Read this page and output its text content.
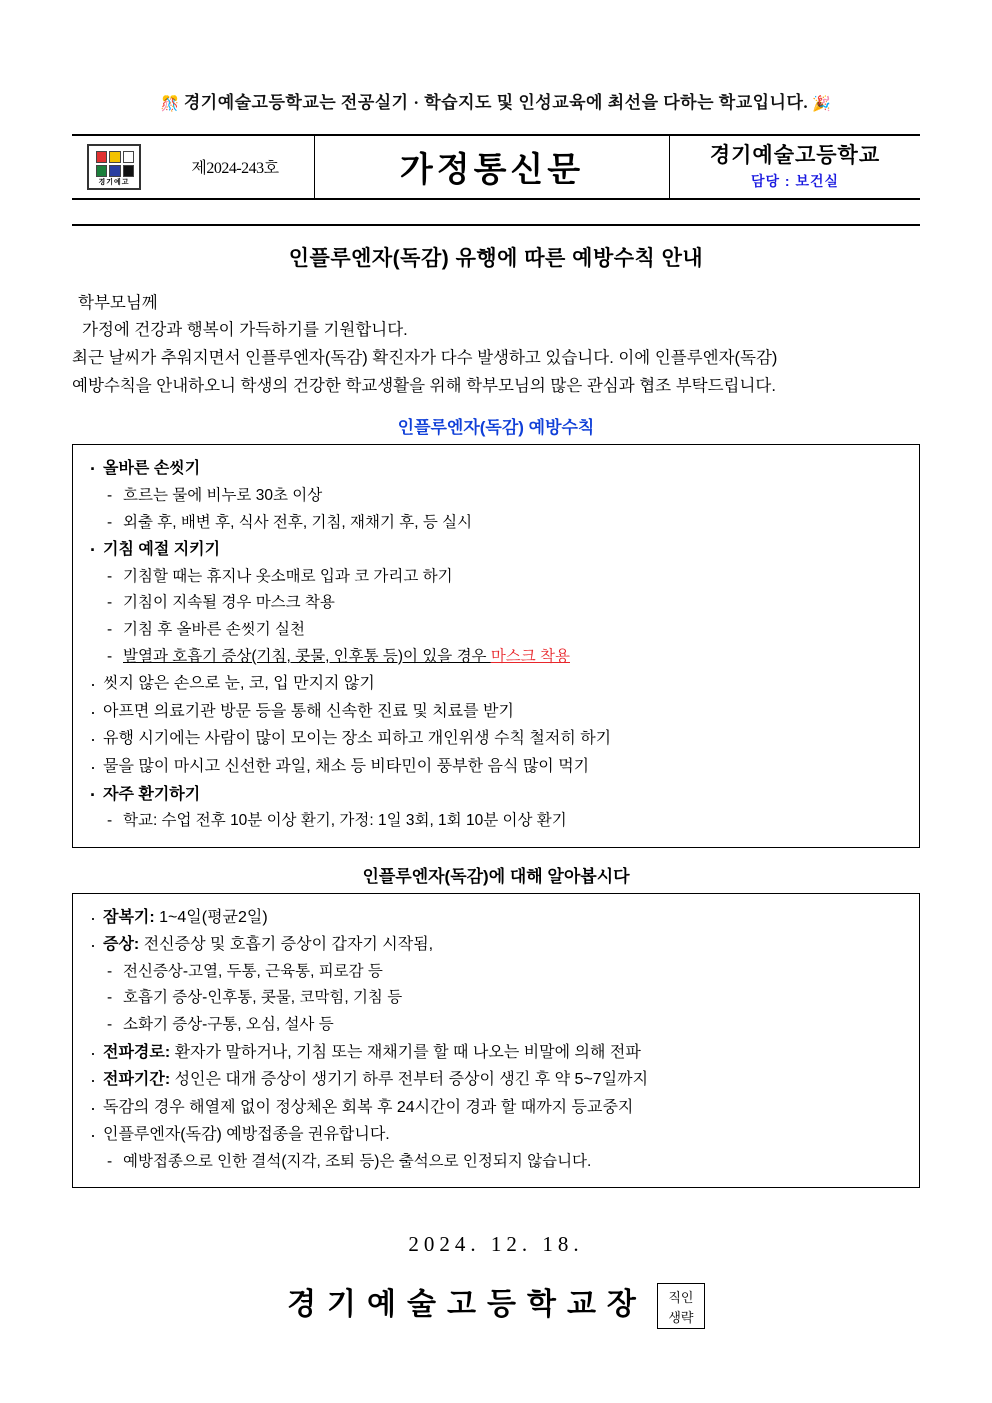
🎊 경기예술고등학교는 전공실기 · 학습지도 및 인성교육에 최선을 다하는 학교입니다. 🎉
경기예고
	제2024-243호	가정통신문	경기예술고등학교
담당 : 보건실
인플루엔자(독감) 유행에 따른 예방수칙 안내

학부모님께

가정에 건강과 행복이 가득하기를 기원합니다.

최근 날씨가 추워지면서 인플루엔자(독감) 확진자가 다수 발생하고 있습니다. 이에 인플루엔자(독감)

예방수칙을 안내하오니 학생의 건강한 학교생활을 위해 학부모님의 많은 관심과 협조 부탁드립니다.

인플루엔자(독감) 예방수칙
· 올바른 손씻기
- 흐르는 물에 비누로 30초 이상
- 외출 후, 배변 후, 식사 전후, 기침, 재채기 후, 등 실시
· 기침 예절 지키기
- 기침할 때는 휴지나 옷소매로 입과 코 가리고 하기
- 기침이 지속될 경우 마스크 착용
- 기침 후 올바른 손씻기 실천
- 발열과 호흡기 증상(기침, 콧물, 인후통 등)이 있을 경우 마스크 착용
· 씻지 않은 손으로 눈, 코, 입 만지지 않기
· 아프면 의료기관 방문 등을 통해 신속한 진료 및 치료를 받기
· 유행 시기에는 사람이 많이 모이는 장소 피하고 개인위생 수칙 철저히 하기
· 물을 많이 마시고 신선한 과일, 채소 등 비타민이 풍부한 음식 많이 먹기
· 자주 환기하기
- 학교: 수업 전후 10분 이상 환기, 가정: 1일 3회, 1회 10분 이상 환기
인플루엔자(독감)에 대해 알아봅시다
· 잠복기: 1~4일(평균2일)
· 증상: 전신증상 및 호흡기 증상이 갑자기 시작됨,
- 전신증상-고열, 두통, 근육통, 피로감 등
- 호흡기 증상-인후통, 콧물, 코막힘, 기침 등
- 소화기 증상-구통, 오심, 설사 등
· 전파경로: 환자가 말하거나, 기침 또는 재채기를 할 때 나오는 비말에 의해 전파
· 전파기간: 성인은 대개 증상이 생기기 하루 전부터 증상이 생긴 후 약 5~7일까지
· 독감의 경우 해열제 없이 정상체온 회복 후 24시간이 경과 할 때까지 등교중지
· 인플루엔자(독감) 예방접종을 권유합니다.
- 예방접종으로 인한 결석(지각, 조퇴 등)은 출석으로 인정되지 않습니다.
2024. 12. 18.
경기예술고등학교장	직인
생략
